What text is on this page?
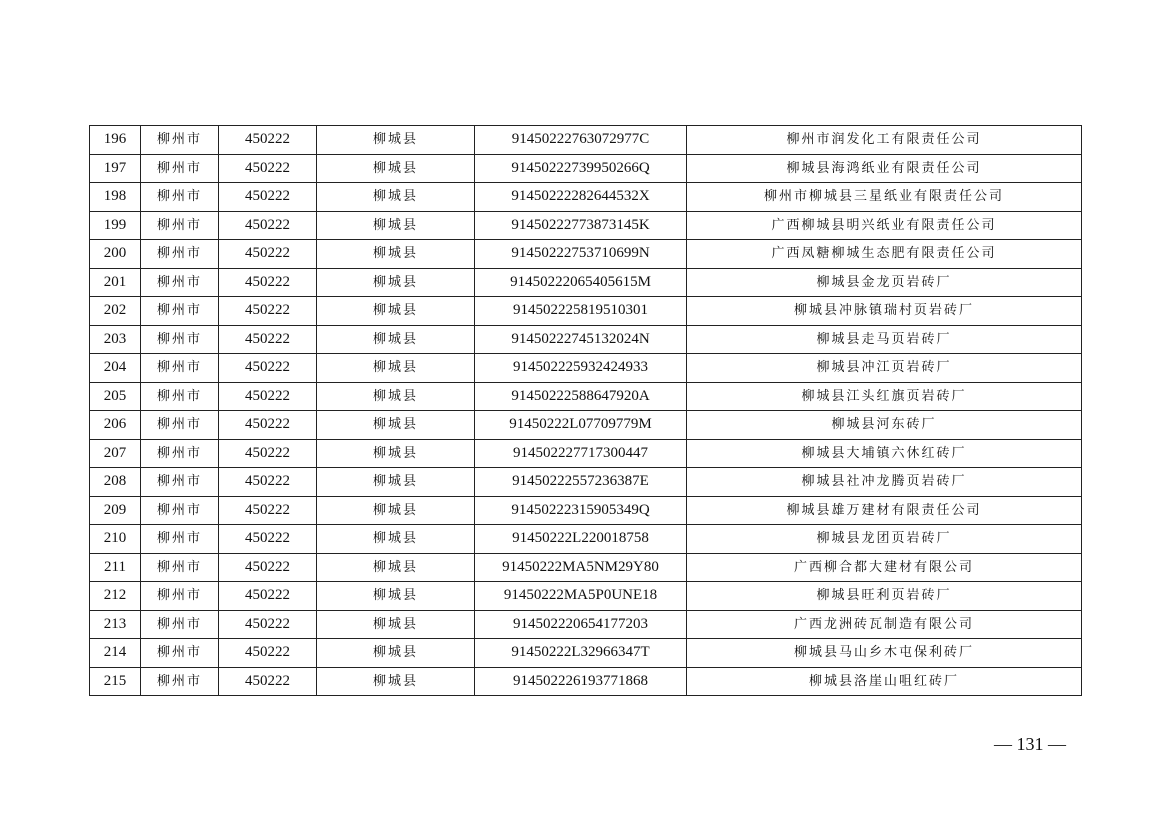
196	柳州市	450222	柳城县	91450222763072977C	柳州市润发化工有限责任公司
197	柳州市	450222	柳城县	91450222739950266Q	柳城县海鸿纸业有限责任公司
198	柳州市	450222	柳城县	91450222282644532X	柳州市柳城县三星纸业有限责任公司
199	柳州市	450222	柳城县	91450222773873145K	广西柳城县明兴纸业有限责任公司
200	柳州市	450222	柳城县	91450222753710699N	广西凤糖柳城生态肥有限责任公司
201	柳州市	450222	柳城县	91450222065405615M	柳城县金龙页岩砖厂
202	柳州市	450222	柳城县	914502225819510301	柳城县冲脉镇瑞村页岩砖厂
203	柳州市	450222	柳城县	91450222745132024N	柳城县走马页岩砖厂
204	柳州市	450222	柳城县	914502225932424933	柳城县冲江页岩砖厂
205	柳州市	450222	柳城县	91450222588647920A	柳城县江头红旗页岩砖厂
206	柳州市	450222	柳城县	91450222L07709779M	柳城县河东砖厂
207	柳州市	450222	柳城县	914502227717300447	柳城县大埔镇六休红砖厂
208	柳州市	450222	柳城县	91450222557236387E	柳城县社冲龙腾页岩砖厂
209	柳州市	450222	柳城县	91450222315905349Q	柳城县雄万建材有限责任公司
210	柳州市	450222	柳城县	91450222L220018758	柳城县龙团页岩砖厂
211	柳州市	450222	柳城县	91450222MA5NM29Y80	广西柳合都大建材有限公司
212	柳州市	450222	柳城县	91450222MA5P0UNE18	柳城县旺利页岩砖厂
213	柳州市	450222	柳城县	914502220654177203	广西龙洲砖瓦制造有限公司
214	柳州市	450222	柳城县	91450222L32966347T	柳城县马山乡木屯保利砖厂
215	柳州市	450222	柳城县	914502226193771868	柳城县洛崖山咀红砖厂
— 131 —
